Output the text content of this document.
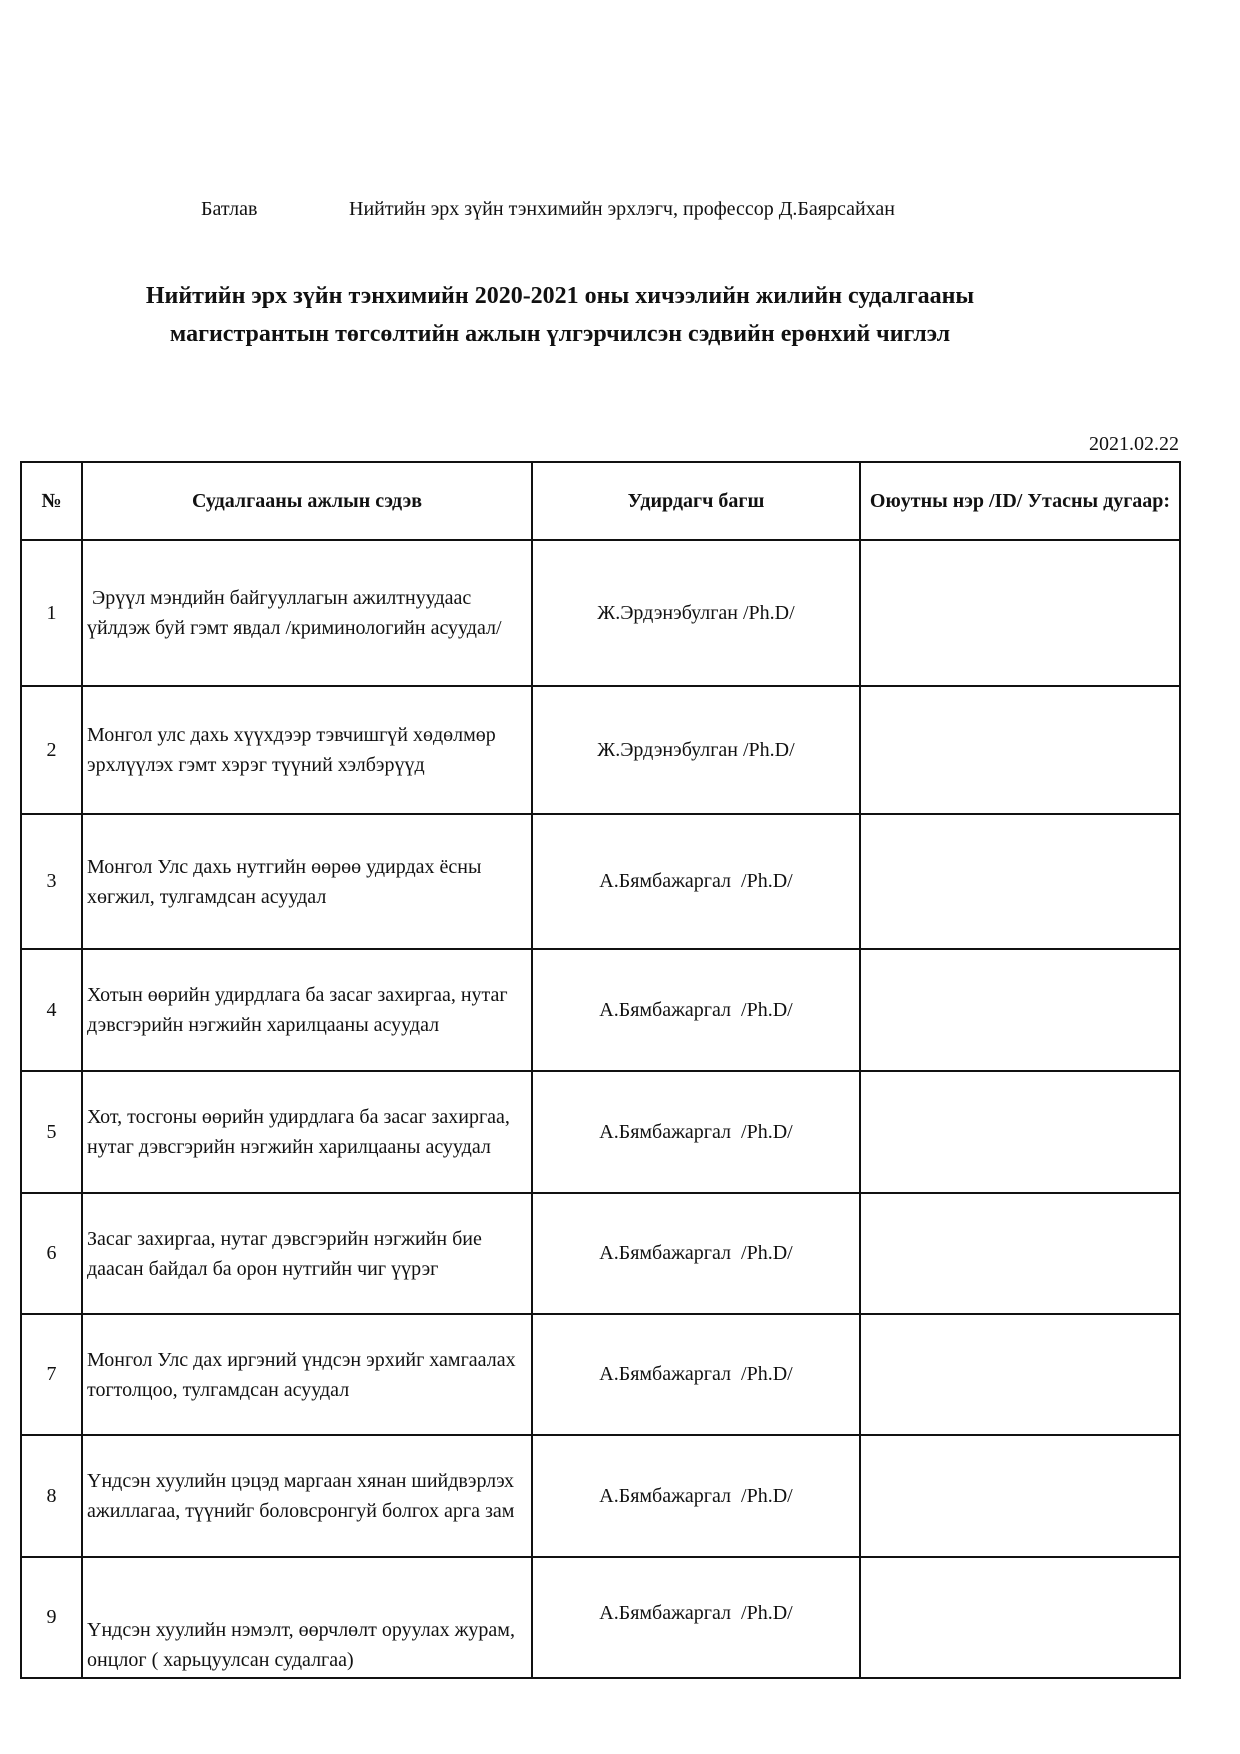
Батлав	Нийтийн эрх зүйн тэнхимийн эрхлэгч, профессор Д.Баярсайхан
Нийтийн эрх зүйн тэнхимийн 2020-2021 оны хичээлийн жилийн судалгааны
магистрантын төгсөлтийн ажлын үлгэрчилсэн сэдвийн ерөнхий чиглэл
2021.02.22
№	Судалгааны ажлын сэдэв	Удирдагч багш	Оюутны нэр /ID/ Утасны дугаар:
1	Эрүүл мэндийн байгууллагын ажилтнуудаас үйлдэж буй гэмт явдал /криминологийн асуудал/	Ж.Эрдэнэбулган /Ph.D/	
2	Монгол улс дахь хүүхдээр тэвчишгүй хөдөлмөр эрхлүүлэх гэмт хэрэг түүний хэлбэрүүд	Ж.Эрдэнэбулган /Ph.D/	
3	Монгол Улс дахь нутгийн өөрөө удирдах ёсны хөгжил, тулгамдсан асуудал	А.Бямбажаргал  /Ph.D/	
4	Хотын өөрийн удирдлага ба засаг захиргаа, нутаг дэвсгэрийн нэгжийн харилцааны асуудал	А.Бямбажаргал  /Ph.D/	
5	Хот, тосгоны өөрийн удирдлага ба засаг захиргаа, нутаг дэвсгэрийн нэгжийн харилцааны асуудал	А.Бямбажаргал  /Ph.D/	
6	Засаг захиргаа, нутаг дэвсгэрийн нэгжийн бие даасан байдал ба орон нутгийн чиг үүрэг	А.Бямбажаргал  /Ph.D/	
7	Монгол Улс дах иргэний үндсэн эрхийг хамгаалах тогтолцоо, тулгамдсан асуудал	А.Бямбажаргал  /Ph.D/	
8	Үндсэн хуулийн цэцэд маргаан хянан шийдвэрлэх ажиллагаа, түүнийг боловсронгуй болгох арга зам	А.Бямбажаргал  /Ph.D/	
9	Үндсэн хуулийн нэмэлт, өөрчлөлт оруулах журам, онцлог ( харьцуулсан судалгаа)	А.Бямбажаргал  /Ph.D/	
